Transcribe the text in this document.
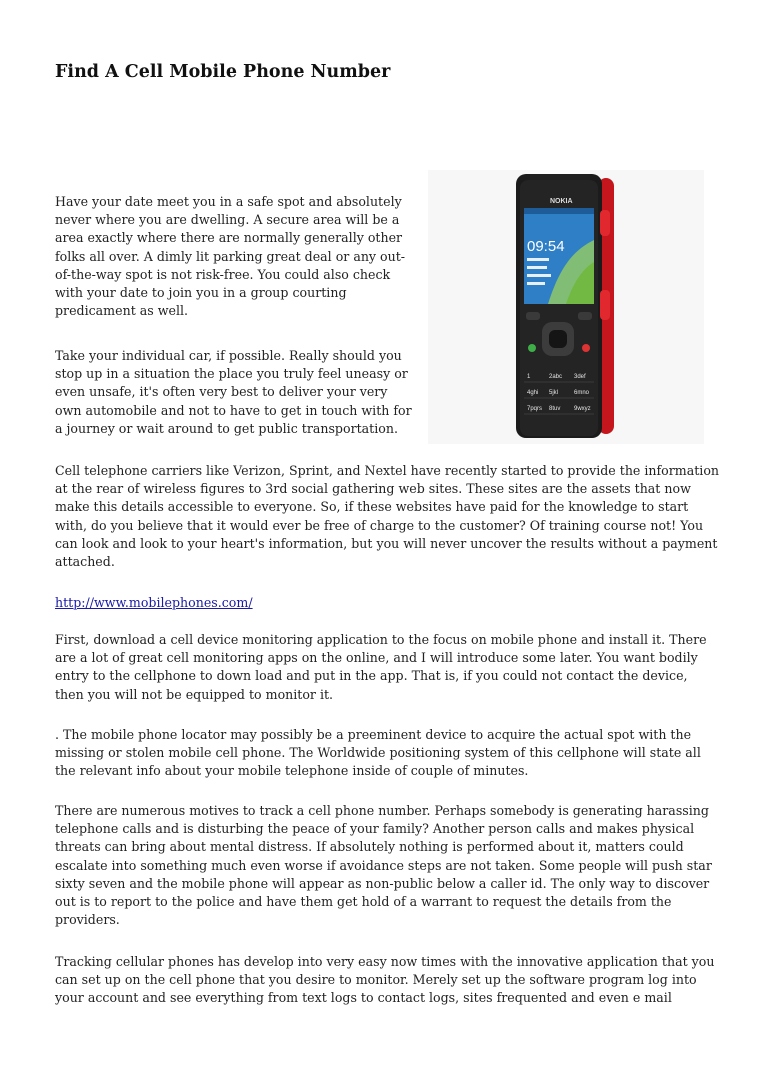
Find A Cell Mobile Phone Number
NOKIA
09:54
1	2abc 3def
4ghi 5jkl	6mno
7pqrs 8tuv 9wxyz

Have your date meet you in a safe spot and absolutely never where you are dwelling. A secure area will be a area exactly where there are normally generally other folks all over. A dimly lit parking great deal or any out-of-the-way spot is not risk-free. You could also check with your date to join you in a group courting predicament as well.

Take your individual car, if possible. Really should you stop up in a situation the place you truly feel uneasy or even unsafe, it's often very best to deliver your very own automobile and not to have to get in touch with for a journey or wait around to get public transportation.

Cell telephone carriers like Verizon, Sprint, and Nextel have recently started to provide the information at the rear of wireless figures to 3rd social gathering web sites. These sites are the assets that now make this details accessible to everyone. So, if these websites have paid for the knowledge to start with, do you believe that it would ever be free of charge to the customer? Of training course not! You can look and look to your heart's information, but you will never uncover the results without a payment attached.

http://www.mobilephones.com/

First, download a cell device monitoring application to the focus on mobile phone and install it. There are a lot of great cell monitoring apps on the online, and I will introduce some later. You want bodily entry to the cellphone to down load and put in the app. That is, if you could not contact the device, then you will not be equipped to monitor it.

. The mobile phone locator may possibly be a preeminent device to acquire the actual spot with the missing or stolen mobile cell phone. The Worldwide positioning system of this cellphone will state all the relevant info about your mobile telephone inside of couple of minutes.

There are numerous motives to track a cell phone number. Perhaps somebody is generating harassing telephone calls and is disturbing the peace of your family? Another person calls and makes physical threats can bring about mental distress. If absolutely nothing is performed about it, matters could escalate into something much even worse if avoidance steps are not taken. Some people will push star sixty seven and the mobile phone will appear as non-public below a caller id. The only way to discover out is to report to the police and have them get hold of a warrant to request the details from the providers.

Tracking cellular phones has develop into very easy now times with the innovative application that you can set up on the cell phone that you desire to monitor. Merely set up the software program log into your account and see everything from text logs to contact logs, sites frequented and even e mail
